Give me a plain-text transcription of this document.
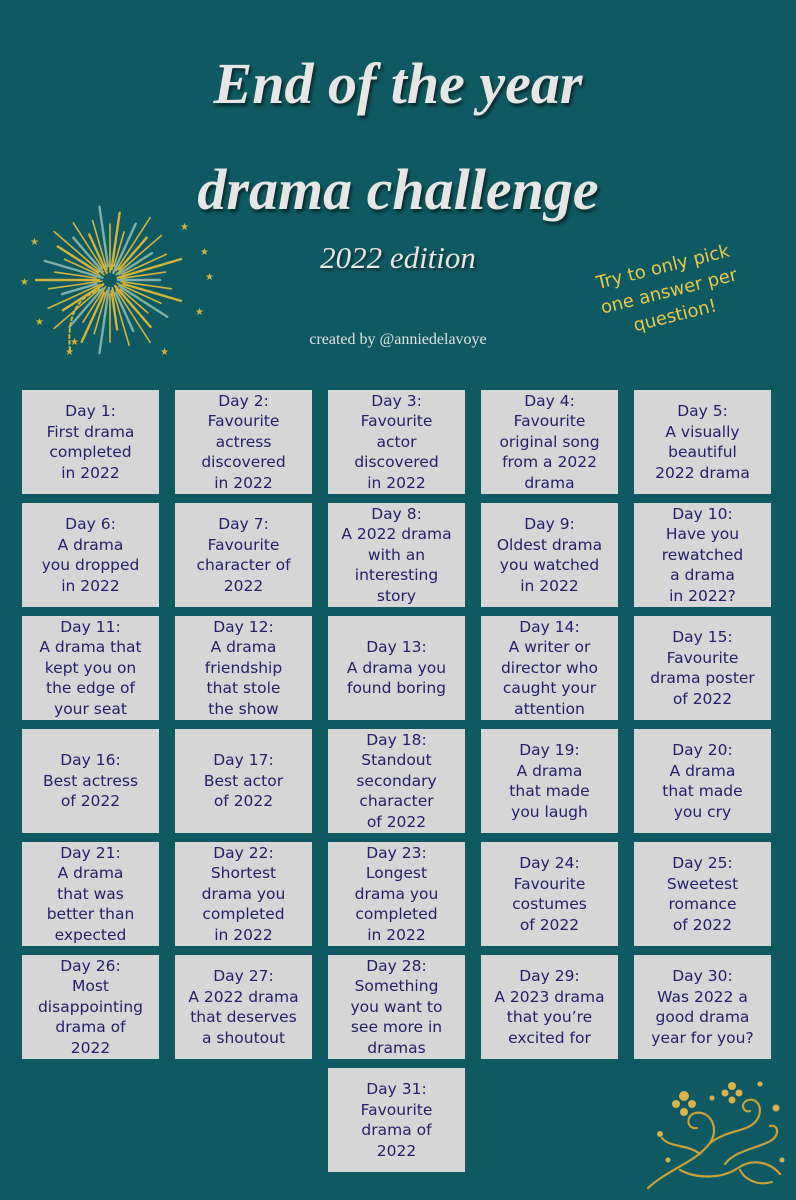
End of the year
drama challenge
2022 edition
created by @anniedelavoye
Try to only pick
one answer per
question!
★
★
★
★
★
★
★
★
★
★
Day 1:
First drama
completed
in 2022
Day 2:
Favourite
actress
discovered
in 2022
Day 3:
Favourite
actor
discovered
in 2022
Day 4:
Favourite
original song
from a 2022
drama
Day 5:
A visually
beautiful
2022 drama
Day 6:
A drama
you dropped
in 2022
Day 7:
Favourite
character of
2022
Day 8:
A 2022 drama
with an
interesting
story
Day 9:
Oldest drama
you watched
in 2022
Day 10:
Have you
rewatched
a drama
in 2022?
Day 11:
A drama that
kept you on
the edge of
your seat
Day 12:
A drama
friendship
that stole
the show
Day 13:
A drama you
found boring
Day 14:
A writer or
director who
caught your
attention
Day 15:
Favourite
drama poster
of 2022
Day 16:
Best actress
of 2022
Day 17:
Best actor
of 2022
Day 18:
Standout
secondary
character
of 2022
Day 19:
A drama
that made
you laugh
Day 20:
A drama
that made
you cry
Day 21:
A drama
that was
better than
expected
Day 22:
Shortest
drama you
completed
in 2022
Day 23:
Longest
drama you
completed
in 2022
Day 24:
Favourite
costumes
of 2022
Day 25:
Sweetest
romance
of 2022
Day 26:
Most
disappointing
drama of
2022
Day 27:
A 2022 drama
that deserves
a shoutout
Day 28:
Something
you want to
see more in
dramas
Day 29:
A 2023 drama
that you’re
excited for
Day 30:
Was 2022 a
good drama
year for you?
Day 31:
Favourite
drama of
2022
